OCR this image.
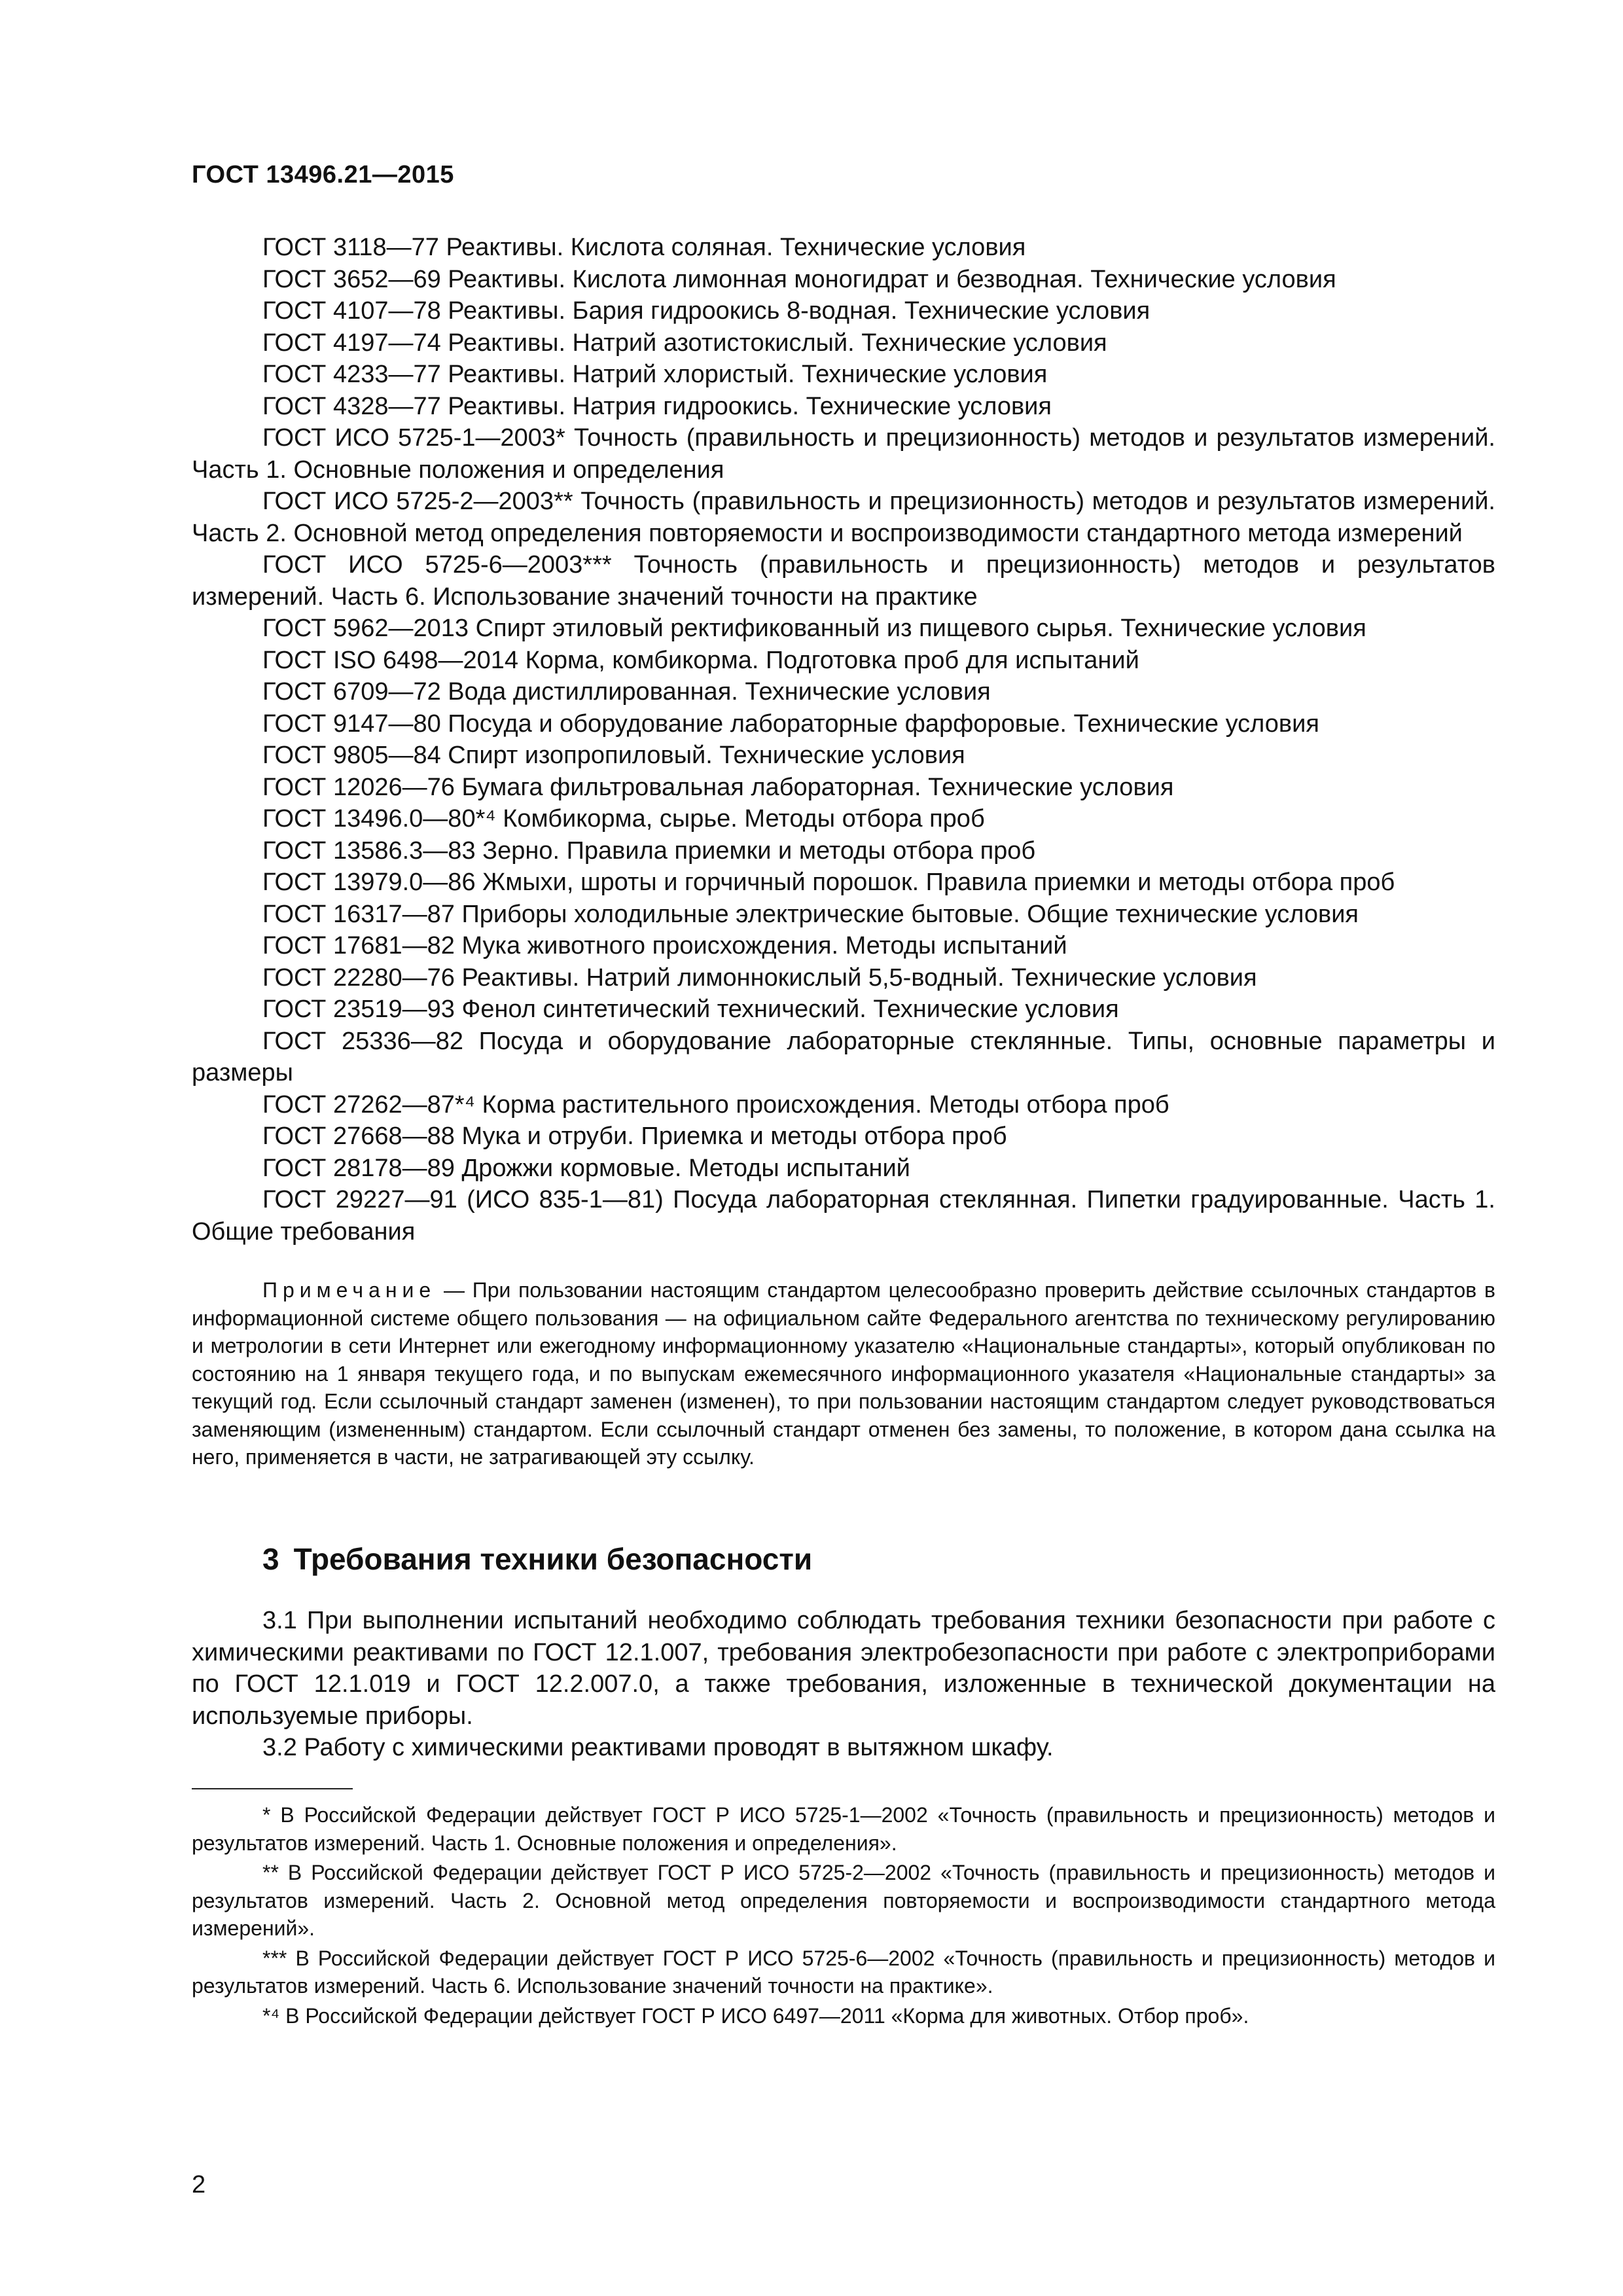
ГОСТ 13496.21—2015

ГОСТ 3118—77 Реактивы. Кислота соляная. Технические условия

ГОСТ 3652—69 Реактивы. Кислота лимонная моногидрат и безводная. Технические условия

ГОСТ 4107—78 Реактивы. Бария гидроокись 8-водная. Технические условия

ГОСТ 4197—74 Реактивы. Натрий азотистокислый. Технические условия

ГОСТ 4233—77 Реактивы. Натрий хлористый. Технические условия

ГОСТ 4328—77 Реактивы. Натрия гидроокись. Технические условия

ГОСТ ИСО 5725-1—2003* Точность (правильность и прецизионность) методов и результатов измерений. Часть 1. Основные положения и определения

ГОСТ ИСО 5725-2—2003** Точность (правильность и прецизионность) методов и результатов измерений. Часть 2. Основной метод определения повторяемости и воспроизводимости стандартного метода измерений

ГОСТ ИСО 5725-6—2003*** Точность (правильность и прецизионность) методов и результатов измерений. Часть 6. Использование значений точности на практике

ГОСТ 5962—2013 Спирт этиловый ректификованный из пищевого сырья. Технические условия

ГОСТ ISO 6498—2014 Корма, комбикорма. Подготовка проб для испытаний

ГОСТ 6709—72 Вода дистиллированная. Технические условия

ГОСТ 9147—80 Посуда и оборудование лабораторные фарфоровые. Технические условия

ГОСТ 9805—84 Спирт изопропиловый. Технические условия

ГОСТ 12026—76 Бумага фильтровальная лабораторная. Технические условия

ГОСТ 13496.0—80*⁴ Комбикорма, сырье. Методы отбора проб

ГОСТ 13586.3—83 Зерно. Правила приемки и методы отбора проб

ГОСТ 13979.0—86 Жмыхи, шроты и горчичный порошок. Правила приемки и методы отбора проб

ГОСТ 16317—87 Приборы холодильные электрические бытовые. Общие технические условия

ГОСТ 17681—82 Мука животного происхождения. Методы испытаний

ГОСТ 22280—76 Реактивы. Натрий лимоннокислый 5,5-водный. Технические условия

ГОСТ 23519—93 Фенол синтетический технический. Технические условия

ГОСТ 25336—82 Посуда и оборудование лабораторные стеклянные. Типы, основные параметры и размеры

ГОСТ 27262—87*⁴ Корма растительного происхождения. Методы отбора проб

ГОСТ 27668—88 Мука и отруби. Приемка и методы отбора проб

ГОСТ 28178—89 Дрожжи кормовые. Методы испытаний

ГОСТ 29227—91 (ИСО 835-1—81) Посуда лабораторная стеклянная. Пипетки градуированные. Часть 1. Общие требования

Примечание — При пользовании настоящим стандартом целесообразно проверить действие ссылочных стандартов в информационной системе общего пользования — на официальном сайте Федерального агентства по техническому регулированию и метрологии в сети Интернет или ежегодному информационному указателю «Национальные стандарты», который опубликован по состоянию на 1 января текущего года, и по выпускам ежемесячного информационного указателя «Национальные стандарты» за текущий год. Если ссылочный стандарт заменен (изменен), то при пользовании настоящим стандартом следует руководствоваться заменяющим (измененным) стандартом. Если ссылочный стандарт отменен без замены, то положение, в котором дана ссылка на него, применяется в части, не затрагивающей эту ссылку.

3 Требования техники безопасности

3.1 При выполнении испытаний необходимо соблюдать требования техники безопасности при работе с химическими реактивами по ГОСТ 12.1.007, требования электробезопасности при работе с электроприборами по ГОСТ 12.1.019 и ГОСТ 12.2.007.0, а также требования, изложенные в технической документации на используемые приборы.

3.2 Работу с химическими реактивами проводят в вытяжном шкафу.

* В Российской Федерации действует ГОСТ Р ИСО 5725-1—2002 «Точность (правильность и прецизионность) методов и результатов измерений. Часть 1. Основные положения и определения».

** В Российской Федерации действует ГОСТ Р ИСО 5725-2—2002 «Точность (правильность и прецизионность) методов и результатов измерений. Часть 2. Основной метод определения повторяемости и воспроизводимости стандартного метода измерений».

*** В Российской Федерации действует ГОСТ Р ИСО 5725-6—2002 «Точность (правильность и прецизионность) методов и результатов измерений. Часть 6. Использование значений точности на практике».

*⁴ В Российской Федерации действует ГОСТ Р ИСО 6497—2011 «Корма для животных. Отбор проб».

2
